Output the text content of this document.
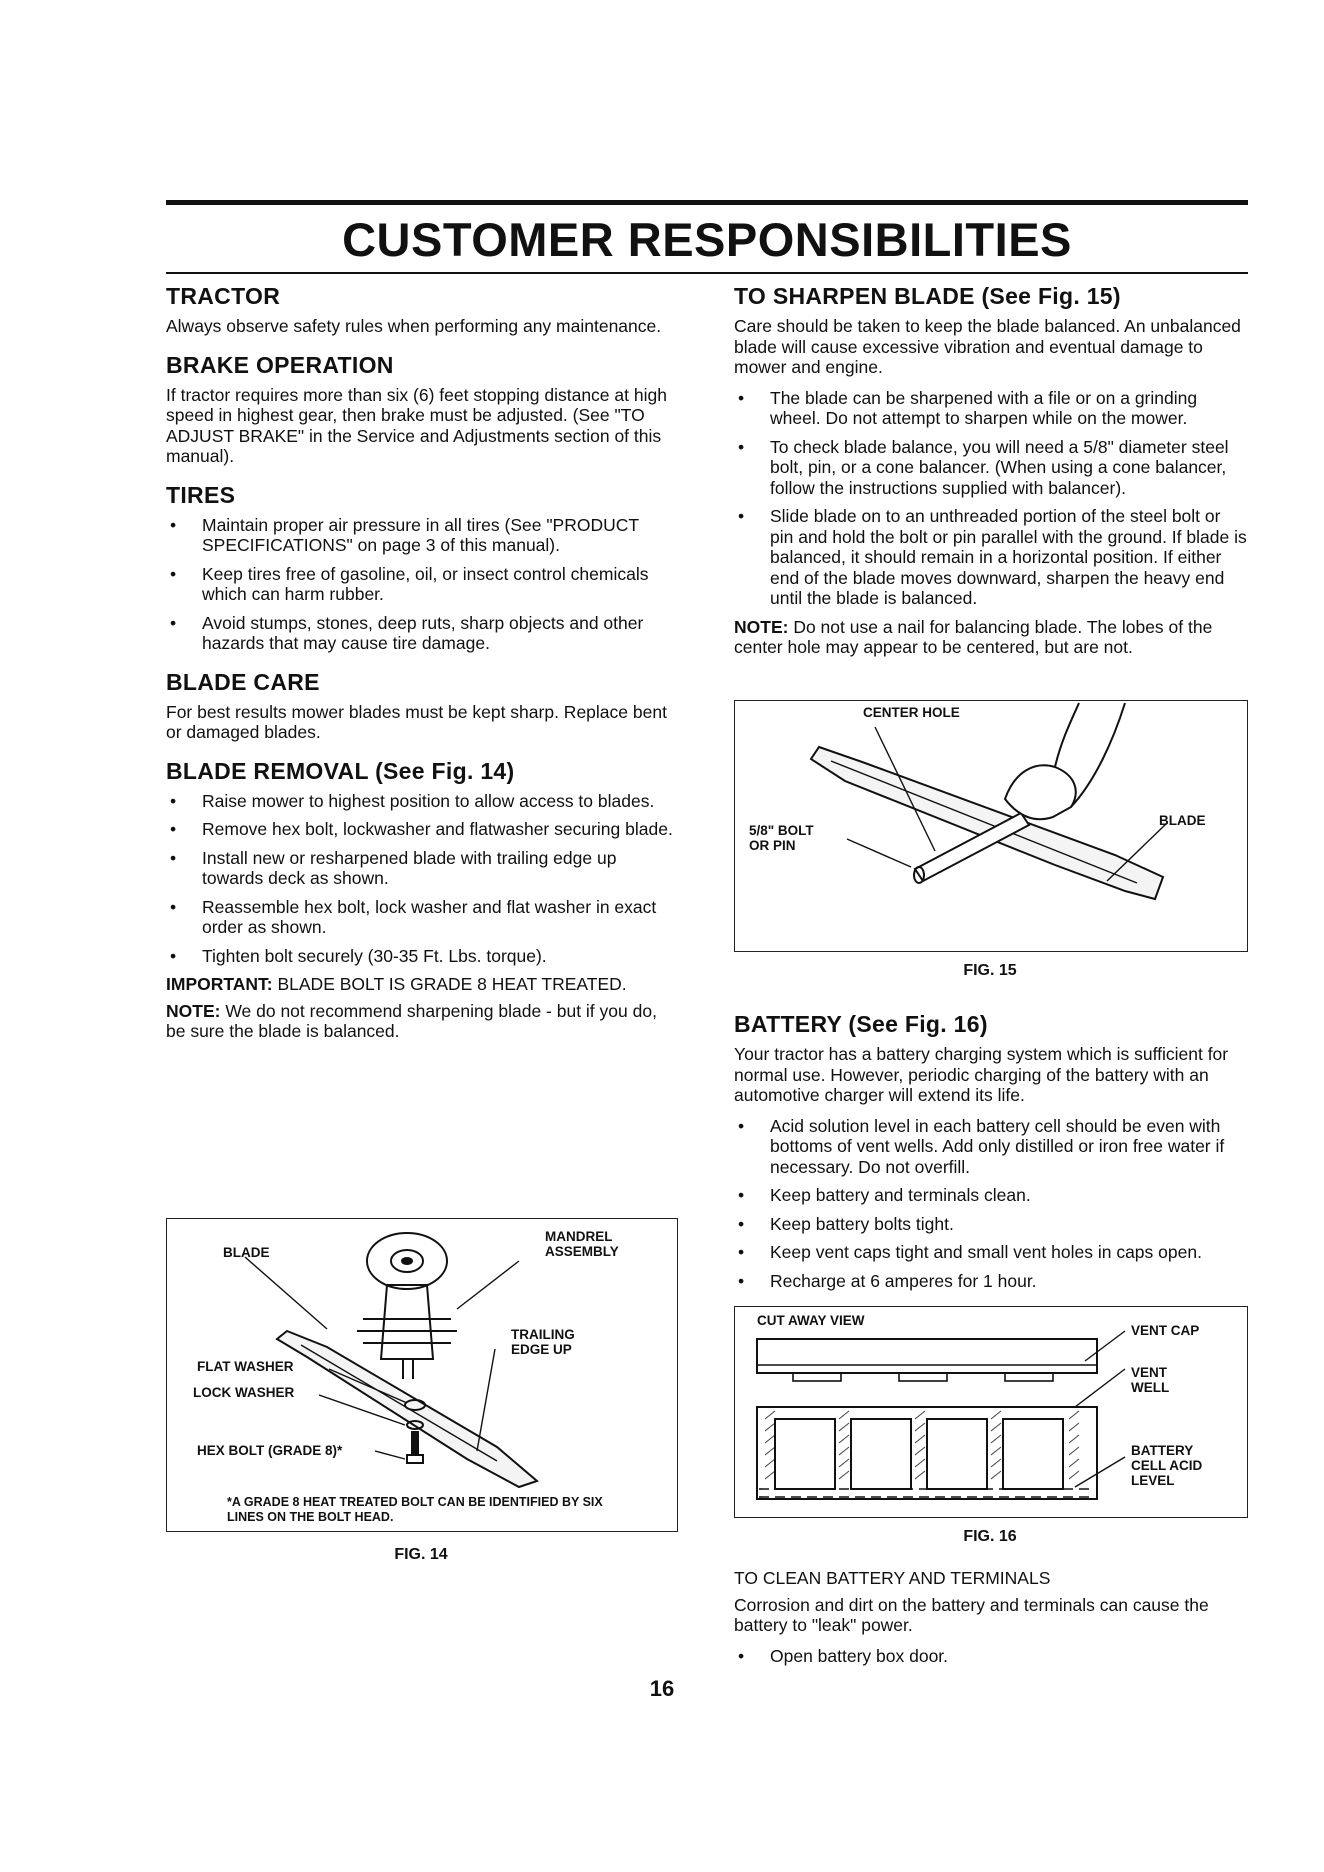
CUSTOMER RESPONSIBILITIES
TRACTOR

Always observe safety rules when performing any maintenance.

BRAKE OPERATION

If tractor requires more than six (6) feet stopping distance at high speed in highest gear, then brake must be adjusted. (See "TO ADJUST BRAKE" in the Service and Adjustments section of this manual).

TIRES
• Maintain proper air pressure in all tires (See "PRODUCT SPECIFICATIONS" on page 3 of this manual).
• Keep tires free of gasoline, oil, or insect control chemicals which can harm rubber.
• Avoid stumps, stones, deep ruts, sharp objects and other hazards that may cause tire damage.
BLADE CARE

For best results mower blades must be kept sharp. Replace bent or damaged blades.

BLADE REMOVAL (See Fig. 14)
• Raise mower to highest position to allow access to blades.
• Remove hex bolt, lockwasher and flatwasher securing blade.
• Install new or resharpened blade with trailing edge up towards deck as shown.
• Reassemble hex bolt, lock washer and flat washer in exact order as shown.
• Tighten bolt securely (30-35 Ft. Lbs. torque).

IMPORTANT: BLADE BOLT IS GRADE 8 HEAT TREATED.

NOTE: We do not recommend sharpening blade - but if you do, be sure the blade is balanced.

BLADE
MANDREL ASSEMBLY
TRAILING EDGE UP
FLAT WASHER
LOCK WASHER
HEX BOLT (GRADE 8)*
*A GRADE 8 HEAT TREATED BOLT CAN BE IDENTIFIED BY SIX LINES ON THE BOLT HEAD.
FIG. 14
TO SHARPEN BLADE (See Fig. 15)

Care should be taken to keep the blade balanced. An unbalanced blade will cause excessive vibration and eventual damage to mower and engine.

• The blade can be sharpened with a file or on a grinding wheel. Do not attempt to sharpen while on the mower.
• To check blade balance, you will need a 5/8" diameter steel bolt, pin, or a cone balancer. (When using a cone balancer, follow the instructions supplied with balancer).
• Slide blade on to an unthreaded portion of the steel bolt or pin and hold the bolt or pin parallel with the ground. If blade is balanced, it should remain in a horizontal position. If either end of the blade moves downward, sharpen the heavy end until the blade is balanced.

NOTE: Do not use a nail for balancing blade. The lobes of the center hole may appear to be centered, but are not.

CENTER HOLE
5/8" BOLT OR PIN
BLADE
FIG. 15
BATTERY (See Fig. 16)

Your tractor has a battery charging system which is sufficient for normal use. However, periodic charging of the battery with an automotive charger will extend its life.

• Acid solution level in each battery cell should be even with bottoms of vent wells. Add only distilled or iron free water if necessary. Do not overfill.
• Keep battery and terminals clean.
• Keep battery bolts tight.
• Keep vent caps tight and small vent holes in caps open.
• Recharge at 6 amperes for 1 hour.
CUT AWAY VIEW
VENT CAP
VENT WELL
BATTERY CELL ACID LEVEL
FIG. 16

TO CLEAN BATTERY AND TERMINALS

Corrosion and dirt on the battery and terminals can cause the battery to "leak" power.

• Open battery box door.
16
